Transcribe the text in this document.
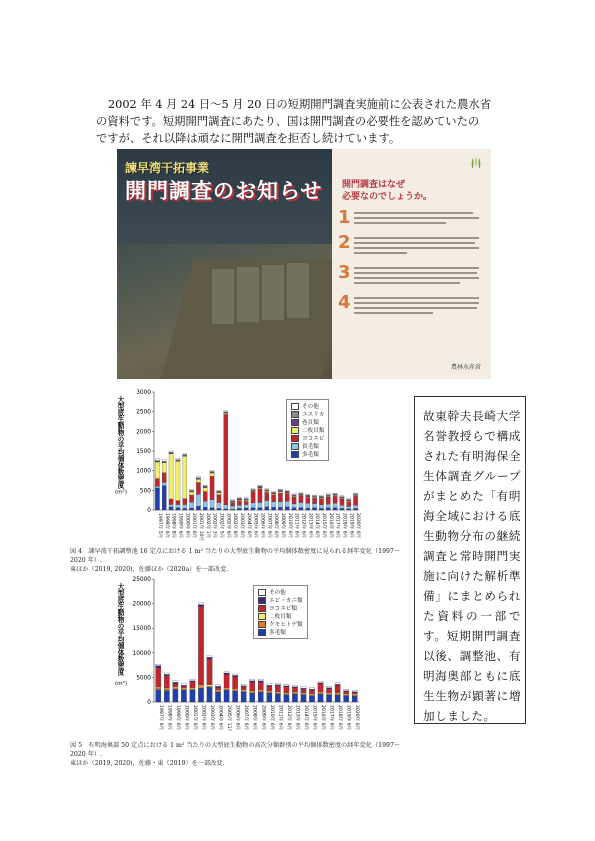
2002 年 4 月 24 日〜5 月 20 日の短期開門調査実施前に公表された農水省

の資料です。短期開門調査にあたり、国は開門調査の必要性を認めていたの

ですが、それ以降は頑なに開門調査を拒否し続けています。

諫早湾干拓事業
開門調査のお知らせ 開門調査はなぜ
必要なのでしょうか。
1
2
3
4
農林水産省
大型底生動物の平均個体数密度
(m²)
3000
2500
2000
1500
1000
500
0
1997年 5月 1998年 6月 1998年 8月 1999年 6月 2000年 6月 2001年 6月 2001年 10月 2002年 1月 2002年 3月 2002年 5月 2002年 6月 2002年 8月 2003年 6月 2004年 6月 2005年 6月 2006年 6月 2007年 6月 2008年 6月 2009年 6月 2010年 6月 2011年 6月 2012年 6月 2013年 6月 2014年 6月 2015年 6月 2016年 6月 2017年 6月 2018年 6月 2019年 6月 2020年 6月
その他
ユスリカ
巻貝類
二枚貝類
ヨコエビ
貧毛類
多毛類
図 4　諫早湾干拓調整池 16 定点における 1 m² 当たりの大型底生動物の平均個体数密度に見られる経年変化（1997〜2020 年）.
東ほか（2019, 2020)，佐藤ほか（2020a）を一部改変.
大型底生動物の平均個体数密度
(m²)
25000
20000
15000
10000
5000
0
1997年 6月 1998年 6月 1999年 6月 2000年 6月 2001年 6月 2002年 6月 2003年 6月 2004年 6月 2005年 11月 2006年 6月 2007年 6月 2008年 6月 2009年 6月 2010年 6月 2011年 6月 2012年 6月 2013年 6月 2014年 6月 2015年 6月 2016年 6月 2017年 6月 2018年 6月 2019年 6月 2020年 6月
その他
エビ・カニ類
ヨコエビ類
二枚貝類
クモヒトデ類
多毛類
図 5　有明海奥部 50 定点における 1 m² 当たりの大型底生動物の高次分類群別の平均個体数密度の経年変化（1997〜2020 年）.
東ほか（2019, 2020)，佐藤・東（2019）を一部改変.

故東幹夫長崎大学名誉教授らで構成された有明海保全生体調査グループがまとめた「有明海全域における底生動物分布の継続調査と常時開門実施に向けた解析準備」にまとめられた資料の一部です。短期開門調査以後、調整池、有明海奥部ともに底生生物が顕著に増加しました。
